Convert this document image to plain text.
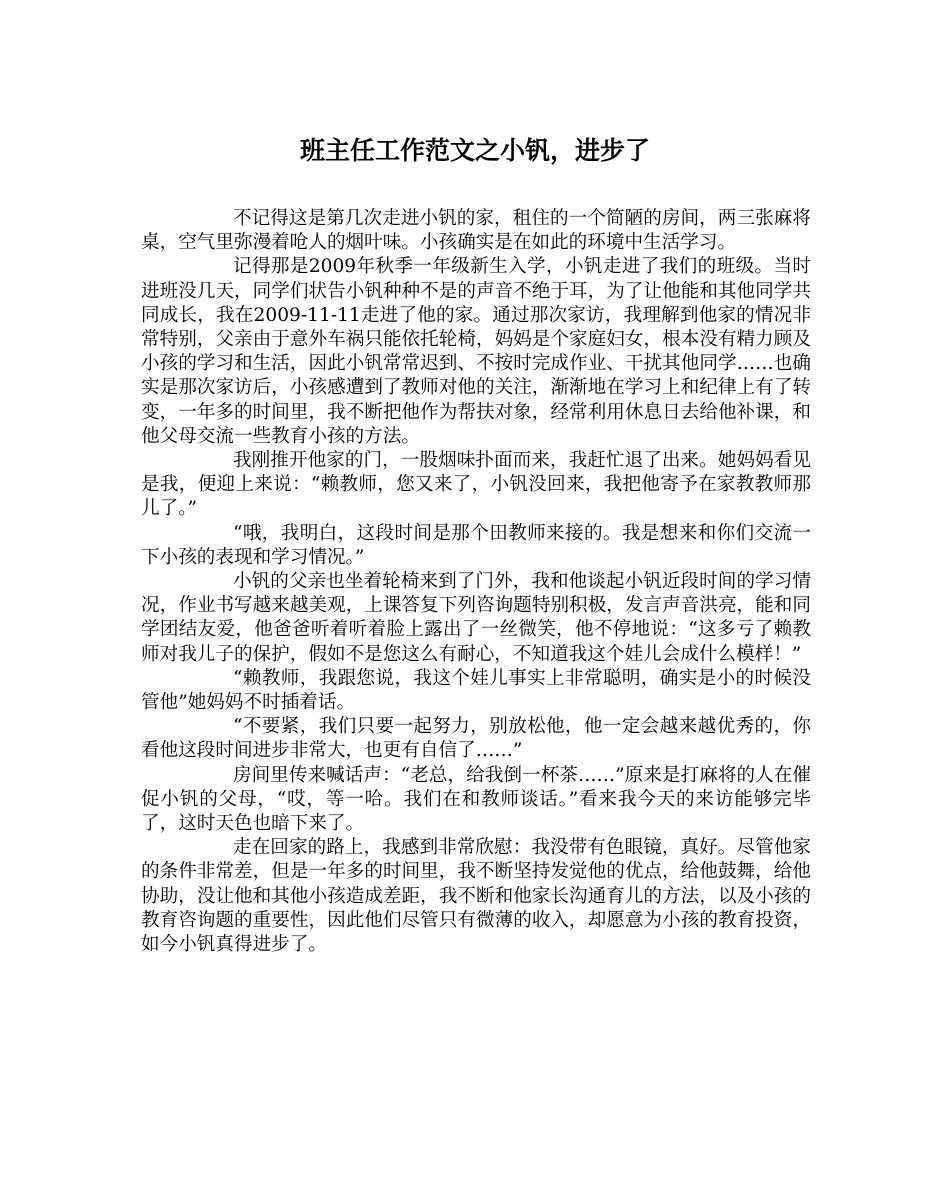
班主任工作范文之小钒，进步了

不记得这是第几次走进小钒的家，租住的一个简陋的房间，两三张麻将桌，空气里弥漫着呛人的烟叶味。小孩确实是在如此的环境中生活学习。

记得那是2009年秋季一年级新生入学，小钒走进了我们的班级。当时进班没几天，同学们状告小钒种种不是的声音不绝于耳，为了让他能和其他同学共同成长，我在2009-11-11走进了他的家。通过那次家访，我理解到他家的情况非常特别，父亲由于意外车祸只能依托轮椅，妈妈是个家庭妇女，根本没有精力顾及小孩的学习和生活，因此小钒常常迟到、不按时完成作业、干扰其他同学……也确实是那次家访后，小孩感遭到了教师对他的关注，渐渐地在学习上和纪律上有了转变，一年多的时间里，我不断把他作为帮扶对象，经常利用休息日去给他补课，和他父母交流一些教育小孩的方法。

我刚推开他家的门，一股烟味扑面而来，我赶忙退了出来。她妈妈看见是我，便迎上来说：“赖教师，您又来了，小钒没回来，我把他寄予在家教教师那儿了。”

“哦，我明白，这段时间是那个田教师来接的。我是想来和你们交流一下小孩的表现和学习情况。”

小钒的父亲也坐着轮椅来到了门外，我和他谈起小钒近段时间的学习情况，作业书写越来越美观，上课答复下列咨询题特别积极，发言声音洪亮，能和同学团结友爱，他爸爸听着听着脸上露出了一丝微笑，他不停地说：“这多亏了赖教师对我儿子的保护，假如不是您这么有耐心，不知道我这个娃儿会成什么模样！”

“赖教师，我跟您说，我这个娃儿事实上非常聪明，确实是小的时候没管他”她妈妈不时插着话。

“不要紧，我们只要一起努力，别放松他，他一定会越来越优秀的，你看他这段时间进步非常大，也更有自信了……”

房间里传来喊话声：“老总，给我倒一杯茶……”原来是打麻将的人在催促小钒的父母，“哎，等一哈。我们在和教师谈话。”看来我今天的来访能够完毕了，这时天色也暗下来了。

走在回家的路上，我感到非常欣慰：我没带有色眼镜，真好。尽管他家的条件非常差，但是一年多的时间里，我不断坚持发觉他的优点，给他鼓舞，给他协助，没让他和其他小孩造成差距，我不断和他家长沟通育儿的方法，以及小孩的教育咨询题的重要性，因此他们尽管只有微薄的收入，却愿意为小孩的教育投资，如今小钒真得进步了。
